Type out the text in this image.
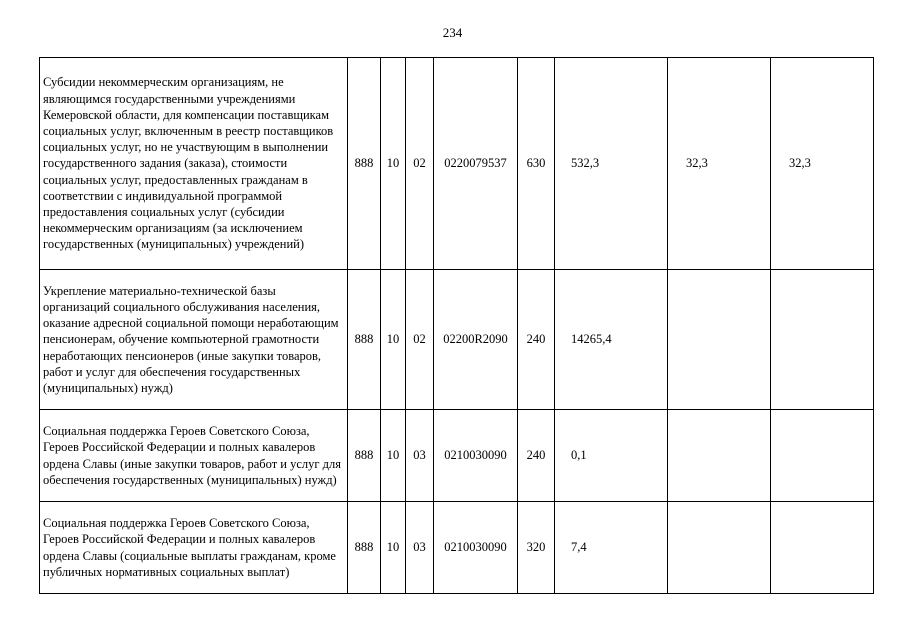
234
Субсидии некоммерческим организациям, не являющимся государственными учреждениями Кемеровской области, для компенсации поставщикам социальных услуг, включенным в реестр поставщиков социальных услуг, но не участвующим в выполнении государственного задания (заказа), стоимости социальных услуг, предоставленных гражданам в соответствии с индивидуальной программой предоставления социальных услуг (субсидии некоммерческим организациям (за исключением государственных (муниципальных) учреждений)	888	10	02	0220079537	630	532,3	32,3	32,3
Укрепление материально-технической базы организаций социального обслуживания населения, оказание адресной социальной помощи неработающим пенсионерам, обучение компьютерной грамотности неработающих пенсионеров (иные закупки товаров, работ и услуг для обеспечения государственных (муниципальных) нужд)	888	10	02	02200R2090	240	14265,4		
Социальная поддержка Героев Советского Союза, Героев Российской Федерации и полных кавалеров ордена Славы (иные закупки товаров, работ и услуг для обеспечения государственных (муниципальных) нужд)	888	10	03	0210030090	240	0,1		
Социальная поддержка Героев Советского Союза, Героев Российской Федерации и полных кавалеров ордена Славы (социальные выплаты гражданам, кроме публичных нормативных социальных выплат)	888	10	03	0210030090	320	7,4		
